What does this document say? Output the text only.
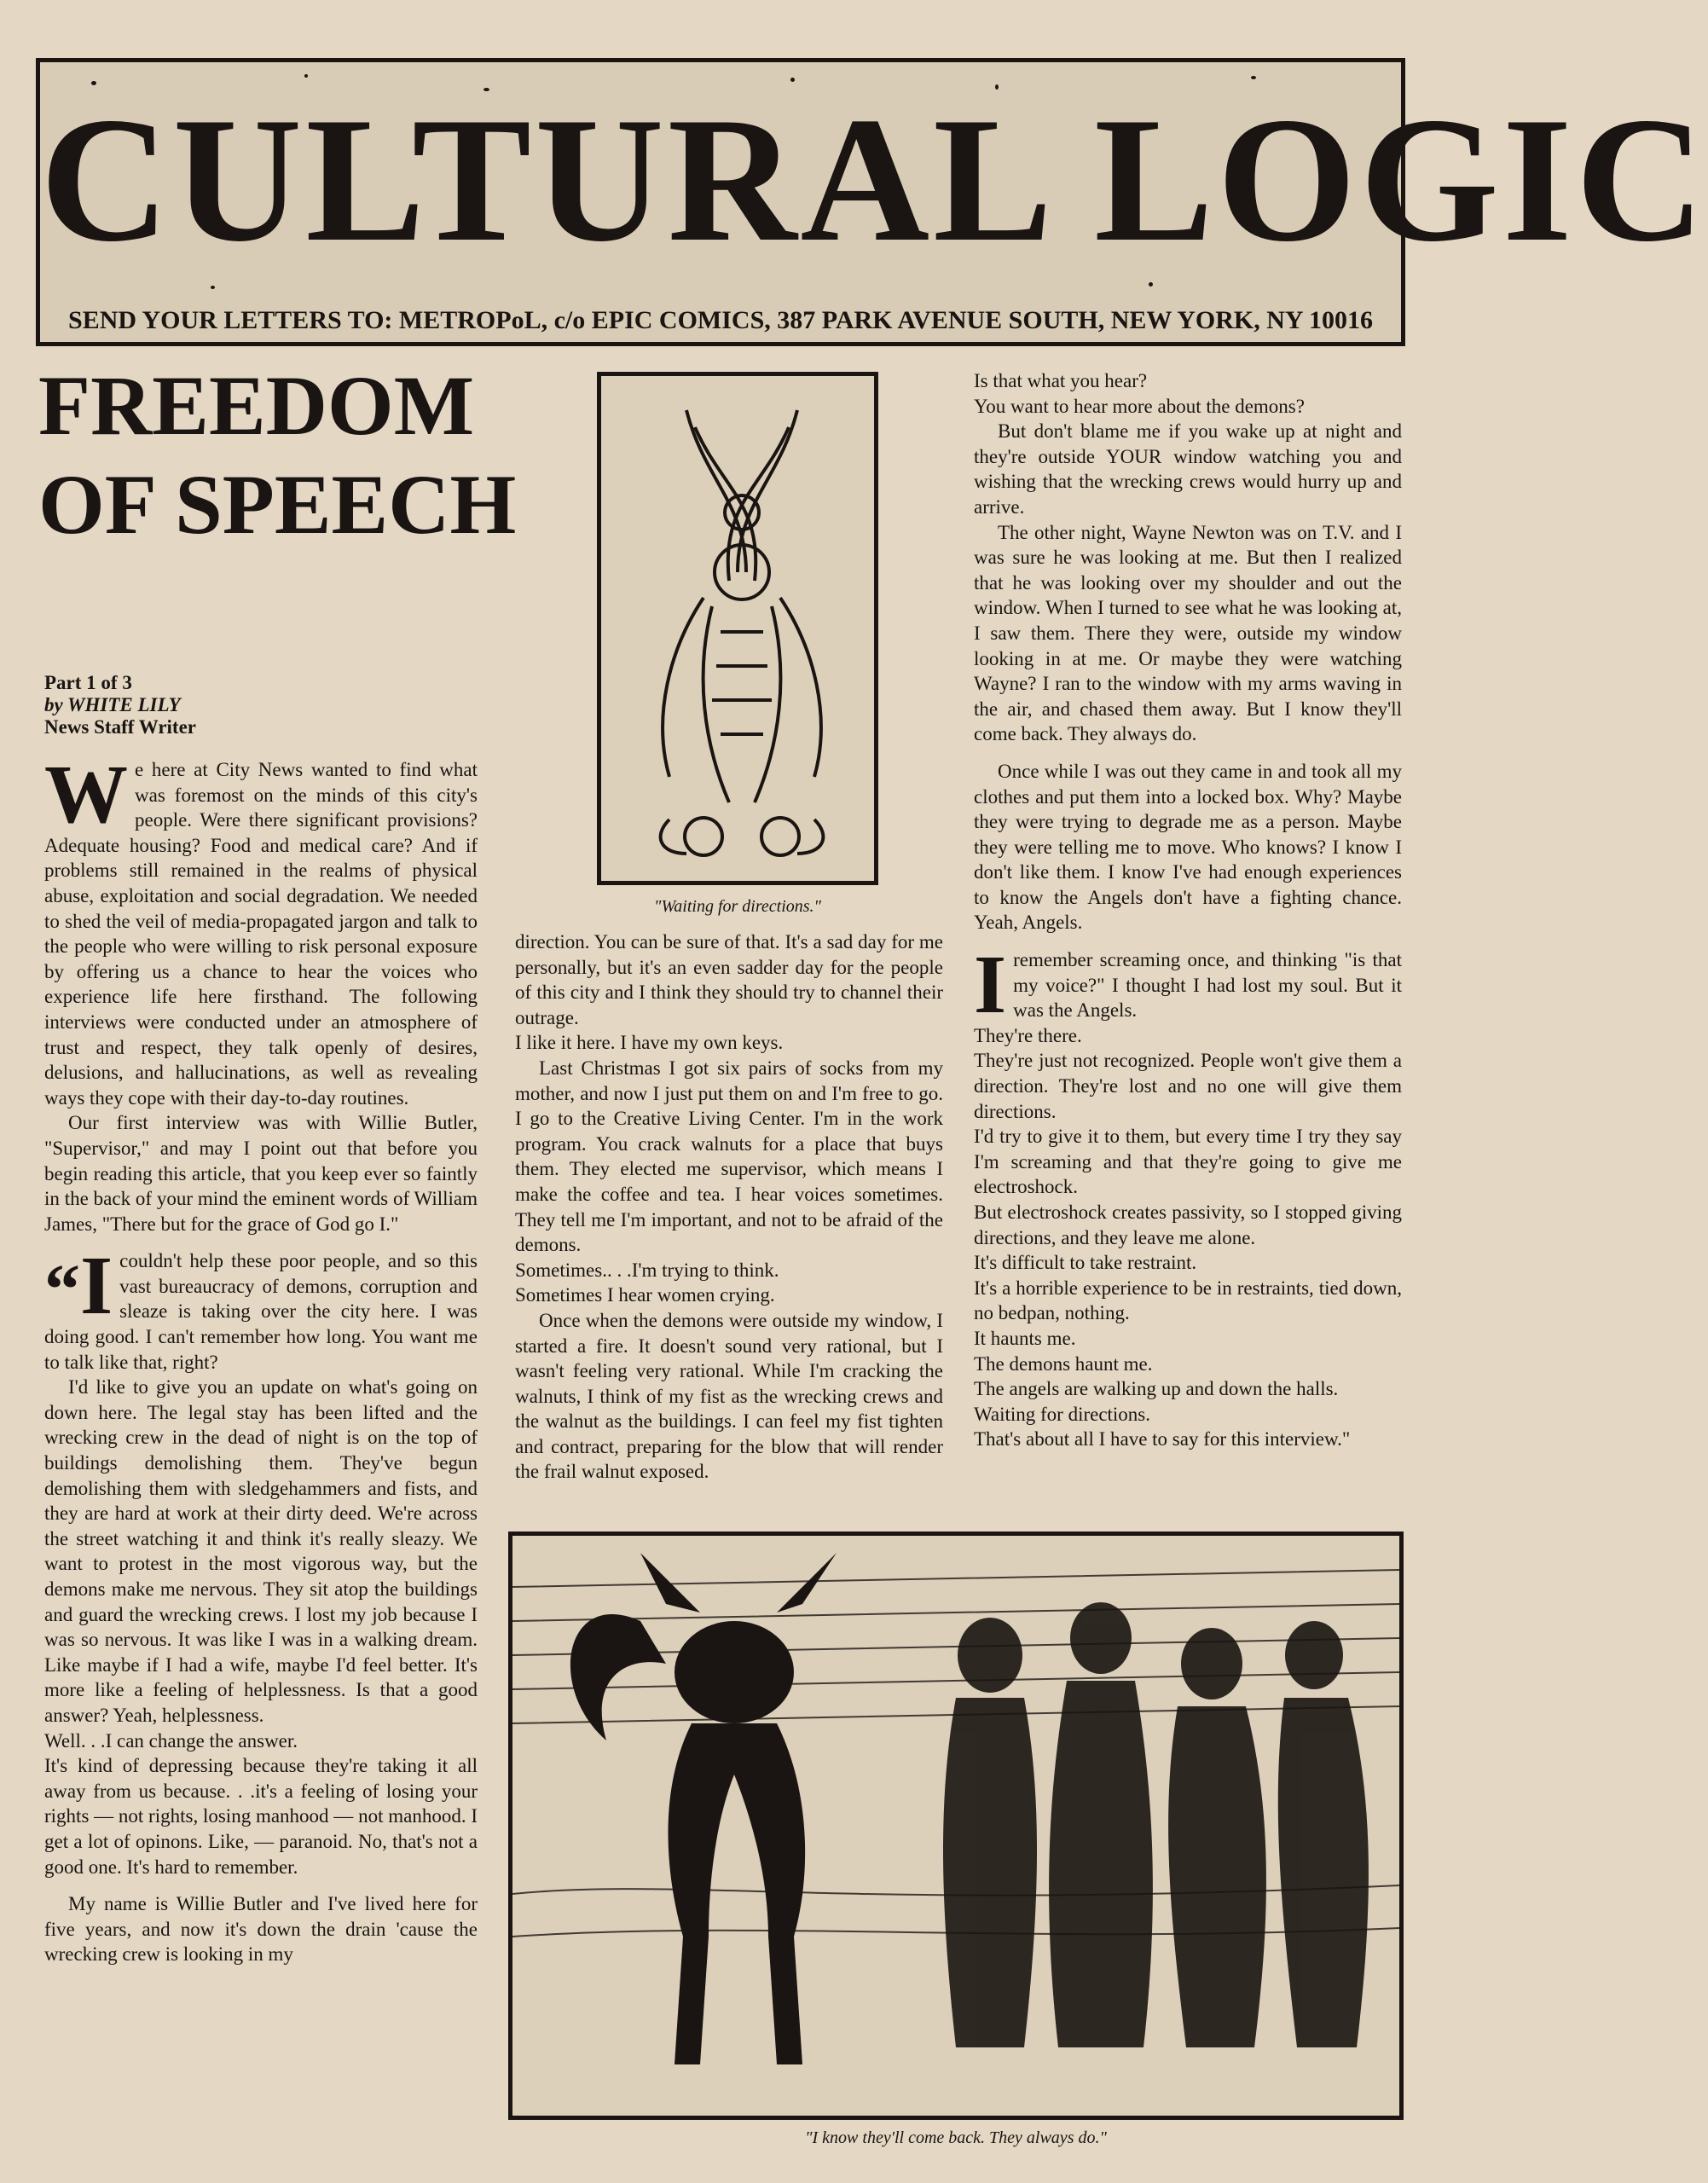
CULTURAL LOGIC
SEND YOUR LETTERS TO: METROPoL, c/o EPIC COMICS, 387 PARK AVENUE SOUTH, NEW YORK, NY 10016
FREEDOM OF SPEECH
Part 1 of 3
by WHITE LILY
News Staff Writer

We here at City News wanted to find what was foremost on the minds of this city's people. Were there significant provisions? Adequate housing? Food and medical care? And if problems still remained in the realms of physical abuse, exploitation and social degradation. We needed to shed the veil of media-propagated jargon and talk to the people who were willing to risk personal exposure by offering us a chance to hear the voices who experience life here firsthand. The following interviews were conducted under an atmosphere of trust and respect, they talk openly of desires, delusions, and hallucinations, as well as revealing ways they cope with their day-to-day routines.

Our first interview was with Willie Butler, "Supervisor," and may I point out that before you begin reading this article, that you keep ever so faintly in the back of your mind the eminent words of William James, "There but for the grace of God go I."

“I couldn't help these poor people, and so this vast bureaucracy of demons, corruption and sleaze is taking over the city here. I was doing good. I can't remember how long. You want me to talk like that, right?

I'd like to give you an update on what's going on down here. The legal stay has been lifted and the wrecking crew in the dead of night is on the top of buildings demolishing them. They've begun demolishing them with sledgehammers and fists, and they are hard at work at their dirty deed. We're across the street watching it and think it's really sleazy. We want to protest in the most vigorous way, but the demons make me nervous. They sit atop the buildings and guard the wrecking crews. I lost my job because I was so nervous. It was like I was in a walking dream. Like maybe if I had a wife, maybe I'd feel better. It's more like a feeling of helplessness. Is that a good answer? Yeah, helplessness.

Well. . .I can change the answer.

It's kind of depressing because they're taking it all away from us because. . .it's a feeling of losing your rights — not rights, losing manhood — not manhood. I get a lot of opinons. Like, — paranoid. No, that's not a good one. It's hard to remember.

My name is Willie Butler and I've lived here for five years, and now it's down the drain 'cause the wrecking crew is looking in my

"Waiting for directions."

direction. You can be sure of that. It's a sad day for me personally, but it's an even sadder day for the people of this city and I think they should try to channel their outrage.

I like it here. I have my own keys.

Last Christmas I got six pairs of socks from my mother, and now I just put them on and I'm free to go. I go to the Creative Living Center. I'm in the work program. You crack walnuts for a place that buys them. They elected me supervisor, which means I make the coffee and tea. I hear voices sometimes. They tell me I'm important, and not to be afraid of the demons.

Sometimes.. . .I'm trying to think.

Sometimes I hear women crying.

Once when the demons were outside my window, I started a fire. It doesn't sound very rational, but I wasn't feeling very rational. While I'm cracking the walnuts, I think of my fist as the wrecking crews and the walnut as the buildings. I can feel my fist tighten and contract, preparing for the blow that will render the frail walnut exposed.

Is that what you hear?

You want to hear more about the demons?

But don't blame me if you wake up at night and they're outside YOUR window watching you and wishing that the wrecking crews would hurry up and arrive.

The other night, Wayne Newton was on T.V. and I was sure he was looking at me. But then I realized that he was looking over my shoulder and out the window. When I turned to see what he was looking at, I saw them. There they were, outside my window looking in at me. Or maybe they were watching Wayne? I ran to the window with my arms waving in the air, and chased them away. But I know they'll come back. They always do.

Once while I was out they came in and took all my clothes and put them into a locked box. Why? Maybe they were trying to degrade me as a person. Maybe they were telling me to move. Who knows? I know I don't like them. I know I've had enough experiences to know the Angels don't have a fighting chance. Yeah, Angels.

Iremember screaming once, and thinking "is that my voice?" I thought I had lost my soul. But it was the Angels.

They're there.

They're just not recognized. People won't give them a direction. They're lost and no one will give them directions.

I'd try to give it to them, but every time I try they say I'm screaming and that they're going to give me electroshock.

But electroshock creates passivity, so I stopped giving directions, and they leave me alone.

It's difficult to take restraint.

It's a horrible experience to be in restraints, tied down, no bedpan, nothing.

It haunts me.

The demons haunt me.

The angels are walking up and down the halls.

Waiting for directions.

That's about all I have to say for this interview."

"I know they'll come back. They always do."
